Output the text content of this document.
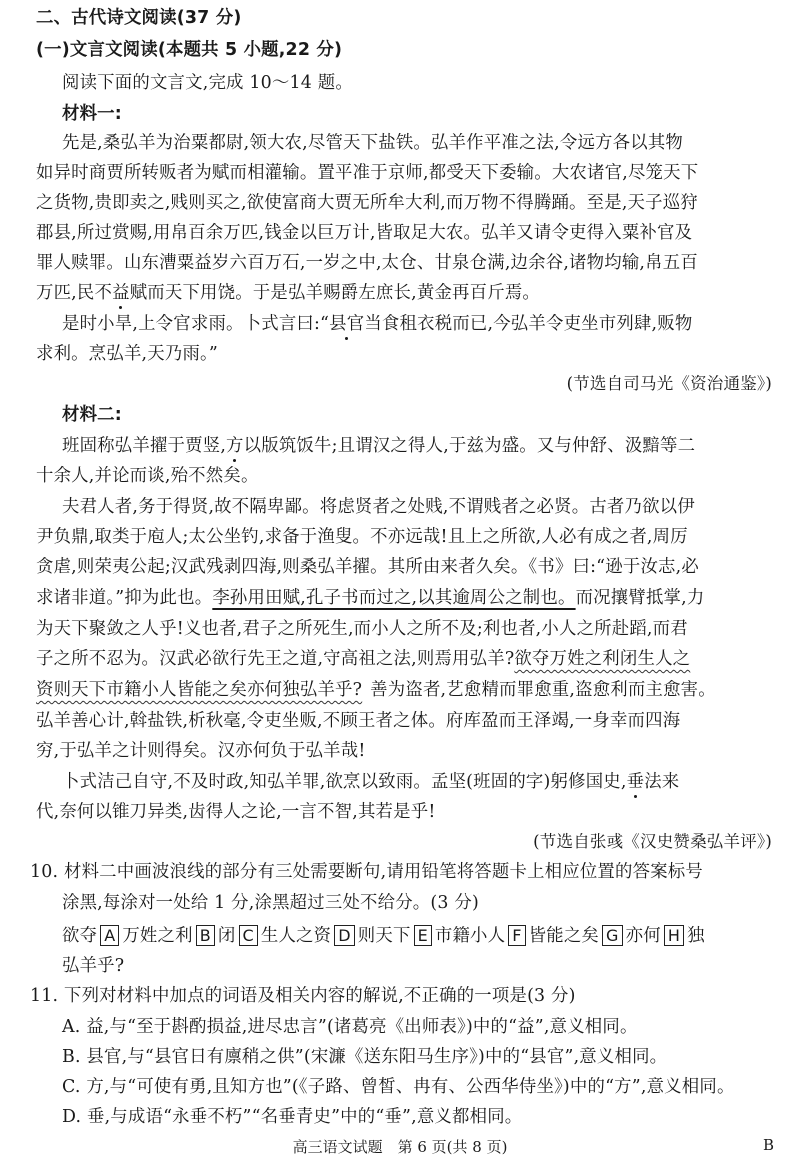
二、古代诗文阅读(37 分)
(一)文言文阅读(本题共 5 小题,22 分)
阅读下面的文言文,完成 10～14 题。
材料一:
先是,桑弘羊为治粟都尉,领大农,尽管天下盐铁。弘羊作平准之法,令远方各以其物
如异时商贾所转贩者为赋而相灌输。置平准于京师,都受天下委输。大农诸官,尽笼天下
之货物,贵即卖之,贱则买之,欲使富商大贾无所牟大利,而万物不得腾踊。至是,天子巡狩
郡县,所过赏赐,用帛百余万匹,钱金以巨万计,皆取足大农。弘羊又请令吏得入粟补官及
罪人赎罪。山东漕粟益岁六百万石,一岁之中,太仓、甘泉仓满,边余谷,诸物均输,帛五百
万匹,民不益赋而天下用饶。于是弘羊赐爵左庶长,黄金再百斤焉。
是时小旱,上令官求雨。卜式言曰:“县官当食租衣税而已,今弘羊令吏坐市列肆,贩物
求利。烹弘羊,天乃雨。”
(节选自司马光《资治通鉴》)
材料二:
班固称弘羊擢于贾竖,方以版筑饭牛;且谓汉之得人,于兹为盛。又与仲舒、汲黯等二
十余人,并论而谈,殆不然矣。
夫君人者,务于得贤,故不隔卑鄙。将虑贤者之处贱,不谓贱者之必贤。古者乃欲以伊
尹负鼎,取类于庖人;太公坐钓,求备于渔叟。不亦远哉!且上之所欲,人必有成之者,周厉
贪虐,则荣夷公起;汉武残剥四海,则桑弘羊擢。其所由来者久矣。《书》曰:“逊于汝志,必
求诸非道。”抑为此也。李孙用田赋,孔子书而过之,以其逾周公之制也。而况攘臂抵掌,力
为天下聚敛之人乎!义也者,君子之所死生,而小人之所不及;利也者,小人之所赴蹈,而君
子之所不忍为。汉武必欲行先王之道,守高祖之法,则焉用弘羊?欲夺万姓之利闭生人之
资则天下市籍小人皆能之矣亦何独弘羊乎? 善为盗者,艺愈精而罪愈重,盗愈利而主愈害。
弘羊善心计,斡盐铁,析秋毫,令吏坐贩,不顾王者之体。府库盈而王泽竭,一身幸而四海
穷,于弘羊之计则得矣。汉亦何负于弘羊哉!
卜式洁己自守,不及时政,知弘羊罪,欲烹以致雨。孟坚(班固的字)躬修国史,垂法来
代,奈何以锥刀异类,齿得人之论,一言不智,其若是乎!
(节选自张彧《汉史赞桑弘羊评》)
10. 材料二中画波浪线的部分有三处需要断句,请用铅笔将答题卡上相应位置的答案标号
涂黑,每涂对一处给 1 分,涂黑超过三处不给分。(3 分)
欲夺 A 万姓之利 B 闭 C 生人之资 D 则天下 E 市籍小人 F 皆能之矣 G 亦何 H 独
弘羊乎?
11. 下列对材料中加点的词语及相关内容的解说,不正确的一项是(3 分)
A. 益,与“至于斟酌损益,进尽忠言”(诸葛亮《出师表》)中的“益”,意义相同。
B. 县官,与“县官日有廪稍之供”(宋濂《送东阳马生序》)中的“县官”,意义相同。
C. 方,与“可使有勇,且知方也”(《子路、曾皙、冉有、公西华侍坐》)中的“方”,意义相同。
D. 垂,与成语“永垂不朽”“名垂青史”中的“垂”,意义都相同。
高三语文试题　第 6 页(共 8 页)	B
